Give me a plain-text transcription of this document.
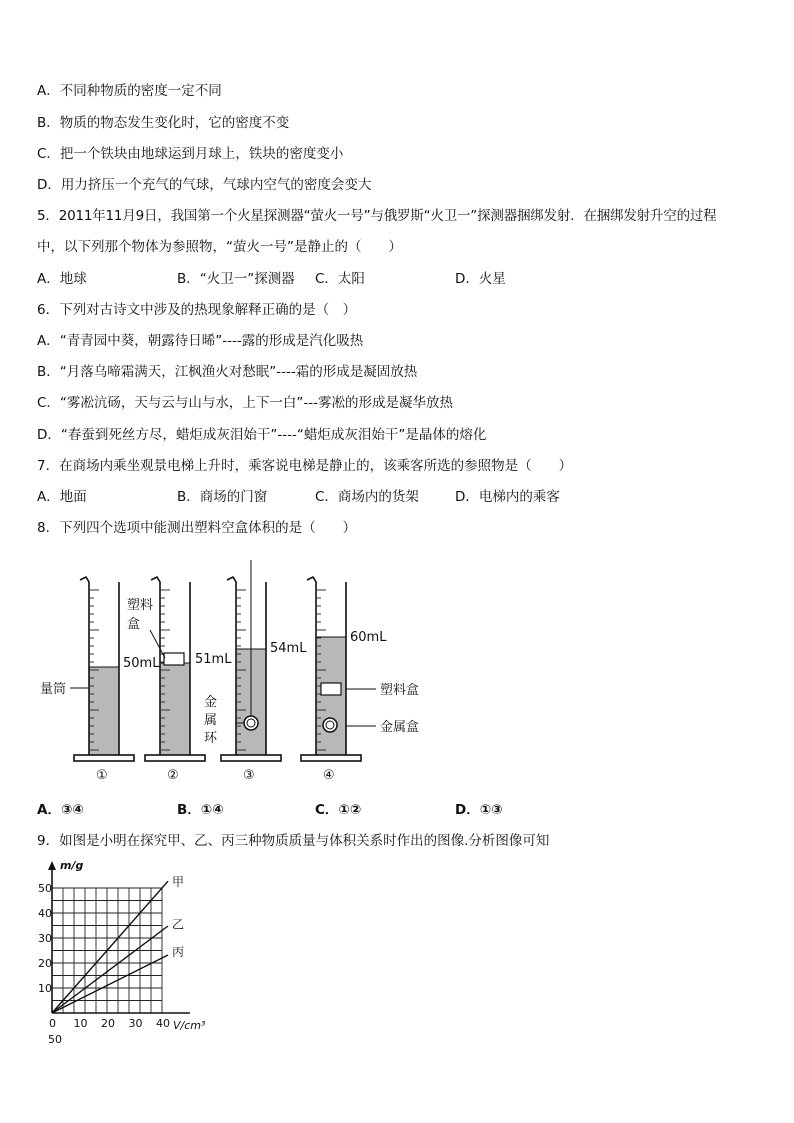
A．不同种物质的密度一定不同
B．物质的物态发生变化时，它的密度不变
C．把一个铁块由地球运到月球上，铁块的密度变小
D．用力挤压一个充气的气球，气球内空气的密度会变大
5．2011年11月9日，我国第一个火星探测器“萤火一号”与俄罗斯“火卫一”探测器捆绑发射．在捆绑发射升空的过程
中，以下列那个物体为参照物，“萤火一号”是静止的（　　）
A．地球	B．“火卫一”探测器 C．太阳	D．火星
6．下列对古诗文中涉及的热现象解释正确的是（　）
A．“青青园中葵，朝露待日晞”----露的形成是汽化吸热
B．“月落乌啼霜满天，江枫渔火对愁眠”----霜的形成是凝固放热
C．“雾凇沆砀，天与云与山与水，上下一白”---雾凇的形成是凝华放热
D．“春蚕到死丝方尽，蜡炬成灰泪始干”----“蜡炬成灰泪始干”是晶体的熔化
7．在商场内乘坐观景电梯上升时，乘客说电梯是静止的，该乘客所选的参照物是（　　）
A．地面	B．商场的门窗	C．商场内的货架	D．电梯内的乘客
8．下列四个选项中能测出塑料空盒体积的是（　　）
量筒
塑料
盒
50mL	51mL
54mL
金
属
环
60mL
塑料盒
金属盒
①	②	③	④
A．③④	B．①④	C．①②	D．①③
9．如图是小明在探究甲、乙、丙三种物质质量与体积关系时作出的图像.分析图像可知
甲
乙
丙
10
20
30
40
50
0 10 20 30 40
m/g
V/cm³
50
